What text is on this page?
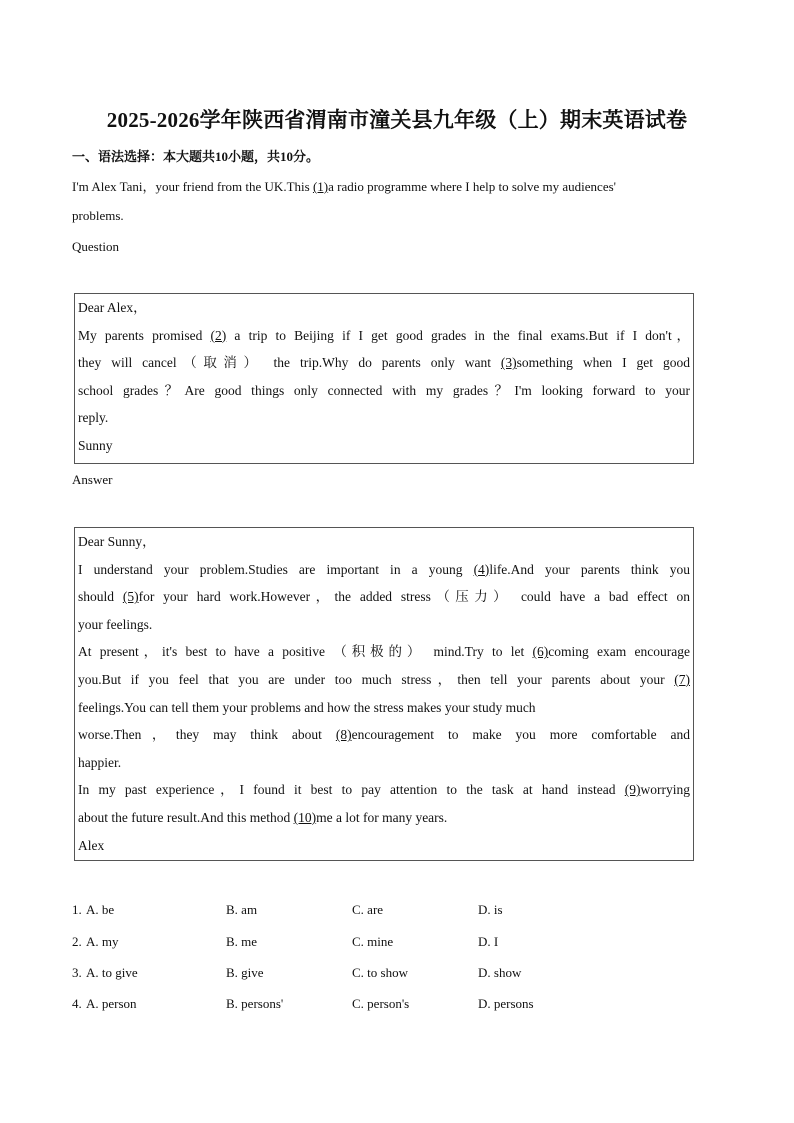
2025-2026学年陕西省渭南市潼关县九年级（上）期末英语试卷
一、语法选择：本大题共10小题，共10分。
I'm Alex Tani，your friend from the UK.This (1)a radio programme where I help to solve my audiences'
problems.
Question
Dear Alex，
My parents promised (2) a trip to Beijing if I get good grades in the final exams.But if I don't，
they will cancel（取消） the trip.Why do parents only want (3)something when I get good
school grades？Are good things only connected with my grades？I'm looking forward to your
reply.
Sunny
Answer
Dear Sunny，
I understand your problem.Studies are important in a young (4)life.And your parents think you
should (5)for your hard work.However，the added stress（压力） could have a bad effect on
your feelings.
At present，it's best to have a positive （积极的） mind.Try to let (6)coming exam encourage
you.But if you feel that you are under too much stress，then tell your parents about your (7)
feelings.You can tell them your problems and how the stress makes your study much
worse.Then，they may think about (8)encouragement to make you more comfortable and
happier.
In my past experience，I found it best to pay attention to the task at hand instead (9)worrying
about the future result.And this method (10)me a lot for many years.
Alex
1. A. be	B. am	C. are	D. is
2. A. my	B. me	C. mine	D. I
3. A. to give	B. give	C. to show	D. show
4. A. person	B. persons'	C. person's	D. persons
